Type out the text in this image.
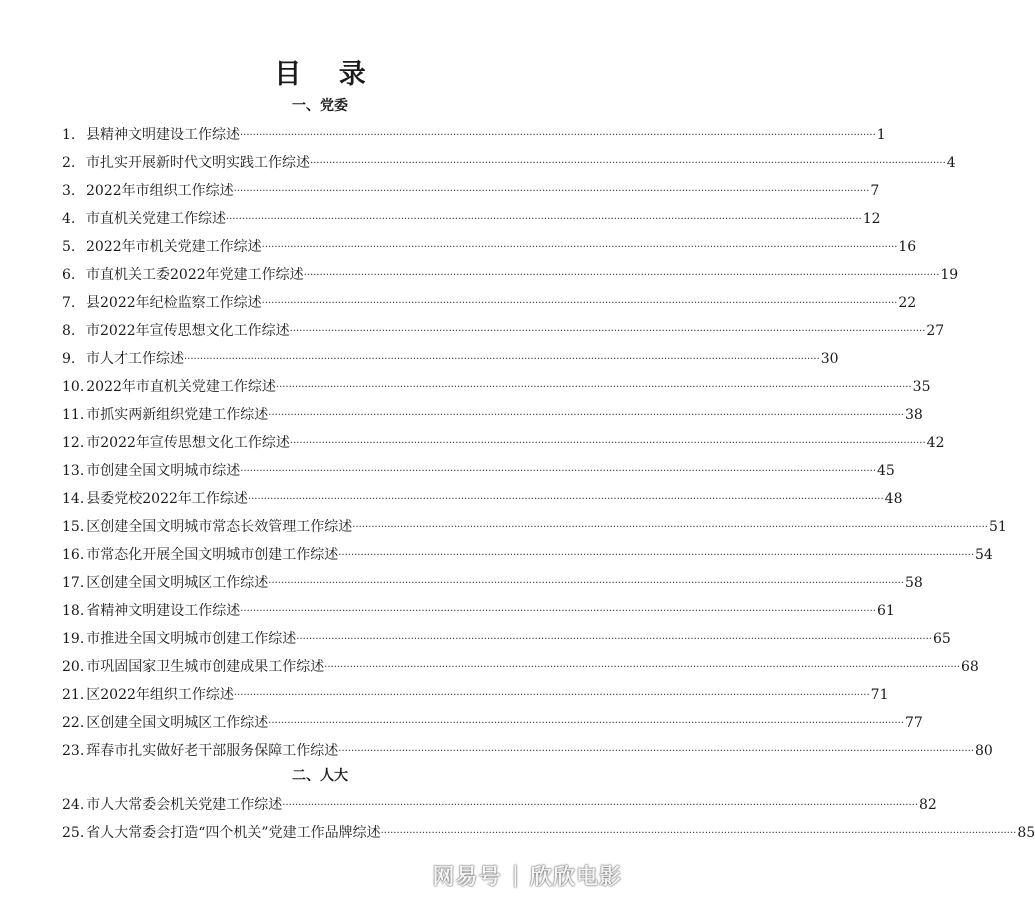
目 录
一、党委
1. 县精神文明建设工作综述 ········································································································································································································ 1
2. 市扎实开展新时代文明实践工作综述 ········································································································································································································ 4
3. 2022年市组织工作综述 ········································································································································································································ 7
4. 市直机关党建工作综述 ········································································································································································································ 12
5. 2022年市机关党建工作综述 ········································································································································································································ 16
6. 市直机关工委2022年党建工作综述 ········································································································································································································ 19
7. 县2022年纪检监察工作综述 ········································································································································································································ 22
8. 市2022年宣传思想文化工作综述 ········································································································································································································ 27
9. 市人才工作综述 ········································································································································································································ 30
10. 2022年市直机关党建工作综述 ········································································································································································································ 35
11. 市抓实两新组织党建工作综述 ········································································································································································································ 38
12. 市2022年宣传思想文化工作综述 ········································································································································································································ 42
13. 市创建全国文明城市综述 ········································································································································································································ 45
14. 县委党校2022年工作综述 ········································································································································································································ 48
15. 区创建全国文明城市常态长效管理工作综述 ········································································································································································································ 51
16. 市常态化开展全国文明城市创建工作综述 ········································································································································································································ 54
17. 区创建全国文明城区工作综述 ········································································································································································································ 58
18. 省精神文明建设工作综述 ········································································································································································································ 61
19. 市推进全国文明城市创建工作综述 ········································································································································································································ 65
20. 市巩固国家卫生城市创建成果工作综述 ········································································································································································································ 68
21. 区2022年组织工作综述 ········································································································································································································ 71
22. 区创建全国文明城区工作综述 ········································································································································································································ 77
23. 珲春市扎实做好老干部服务保障工作综述 ········································································································································································································ 80
二、人大
24. 市人大常委会机关党建工作综述 ········································································································································································································ 82
25. 省人大常委会打造“四个机关”党建工作品牌综述 ········································································································································································································ 85
网易号 | 欣欣电影
